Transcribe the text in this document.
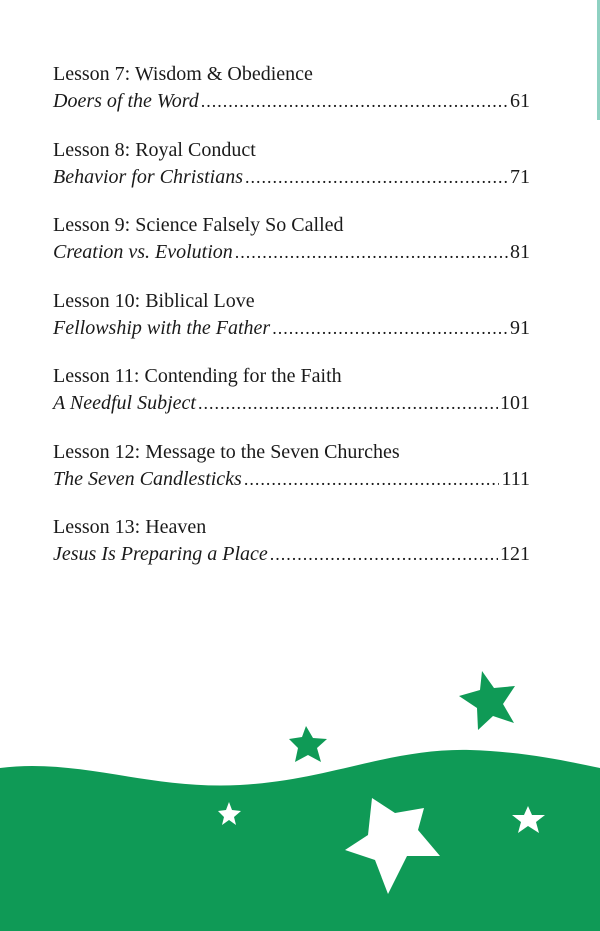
Lesson 7: Wisdom & Obedience
Doers of the Word .....	61
Lesson 8: Royal Conduct
Behavior for Christians .....	71
Lesson 9: Science Falsely So Called
Creation vs. Evolution .....	81
Lesson 10: Biblical Love
Fellowship with the Father .....	91
Lesson 11: Contending for the Faith
A Needful Subject .....	101
Lesson 12: Message to the Seven Churches
The Seven Candlesticks .....	111
Lesson 13: Heaven
Jesus Is Preparing a Place .....	121
